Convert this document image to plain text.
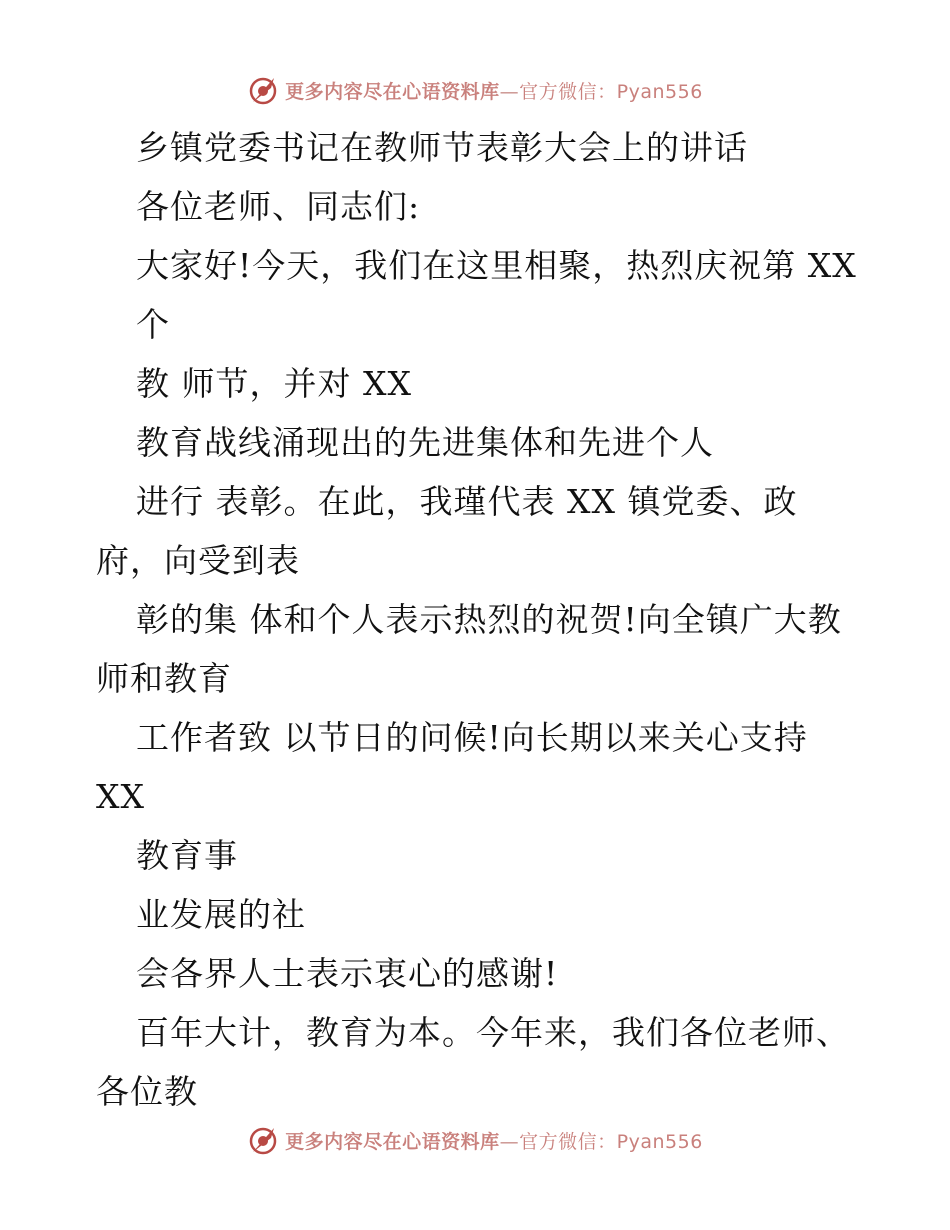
更多内容尽在心语资料库—官方微信：Pyan556
乡镇党委书记在教师节表彰大会上的讲话
各位老师、同志们:
大家好!今天，我们在这里相聚，热烈庆祝第 XX
个
教 师节，并对 XX
教育战线涌现出的先进集体和先进个人
进行 表彰。在此，我瑾代表 XX 镇党委、政
府，向受到表
彰的集 体和个人表示热烈的祝贺!向全镇广大教
师和教育
工作者致 以节日的问候!向长期以来关心支持
XX
教育事
业发展的社
会各界人士表示衷心的感谢!
百年大计，教育为本。今年来，我们各位老师、
各位教
更多内容尽在心语资料库—官方微信：Pyan556
